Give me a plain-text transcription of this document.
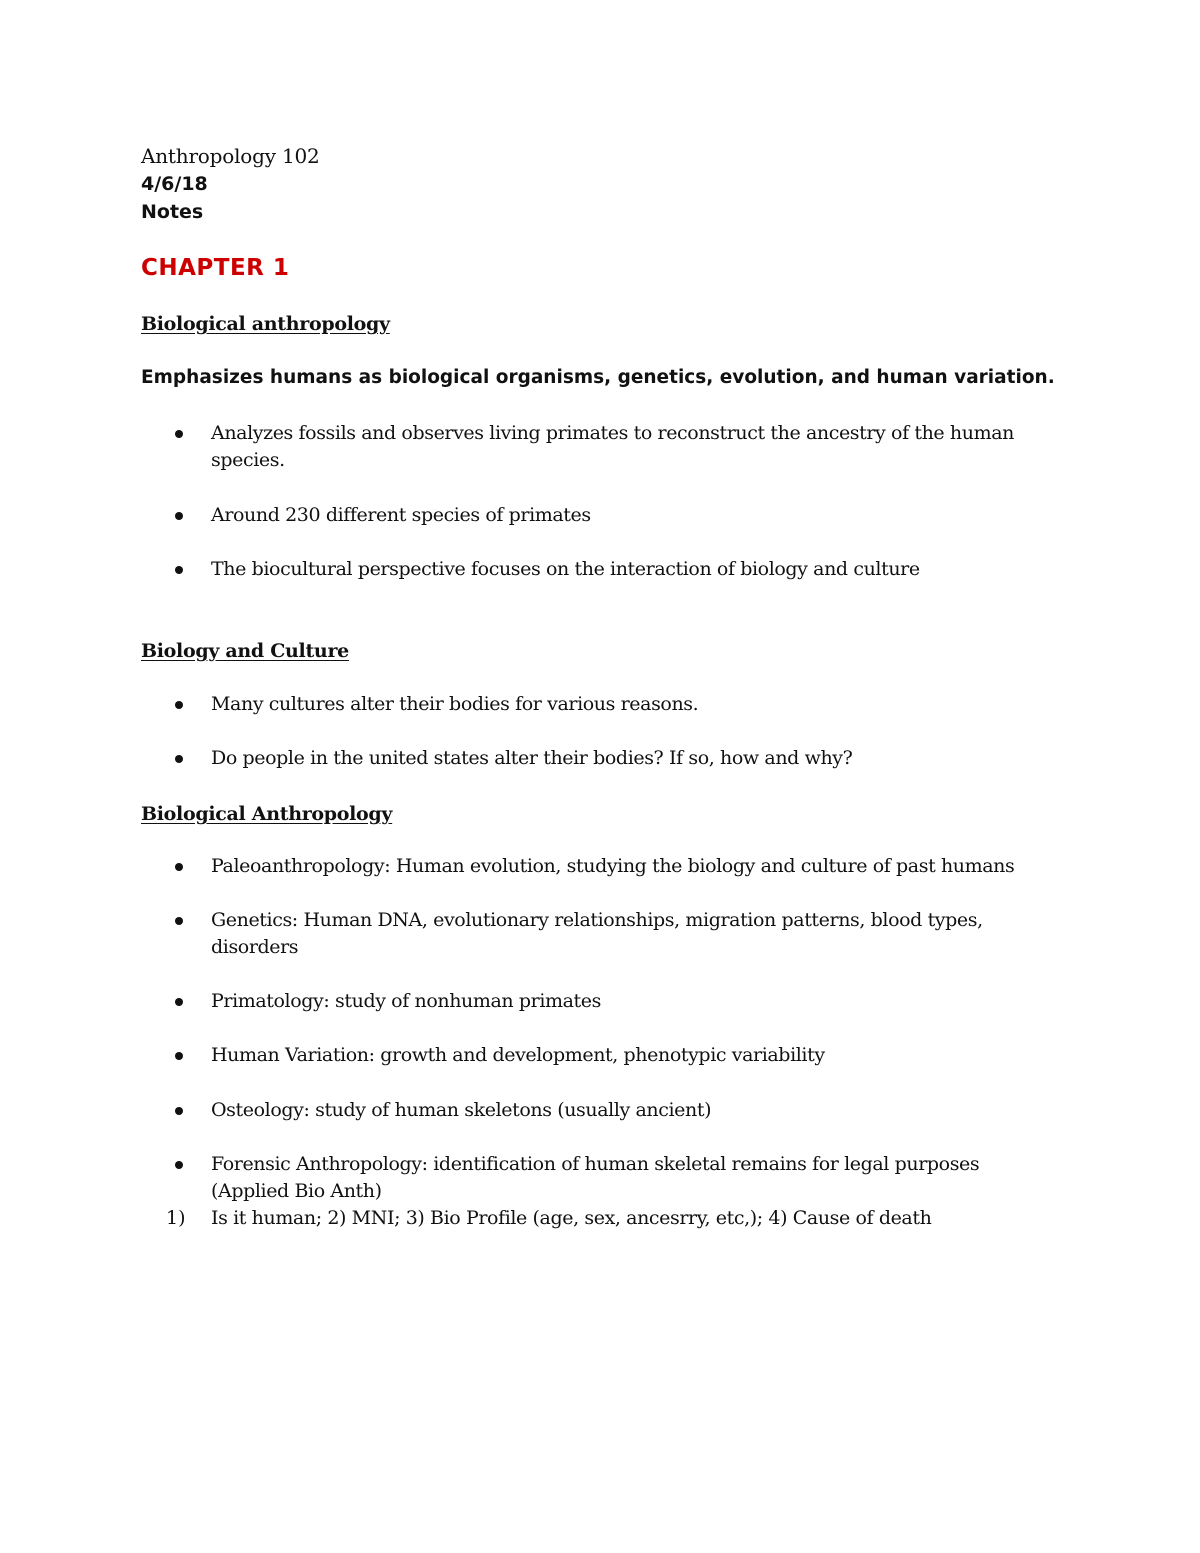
Anthropology 102
4/6/18
Notes
CHAPTER 1
Biological anthropology
Emphasizes humans as biological organisms, genetics, evolution, and human variation.
Analyzes fossils and observes living primates to reconstruct the ancestry of the human species.
Around 230 different species of primates
The biocultural perspective focuses on the interaction of biology and culture
Biology and Culture
Many cultures alter their bodies for various reasons.
Do people in the united states alter their bodies? If so, how and why?
Biological Anthropology
Paleoanthropology: Human evolution, studying the biology and culture of past humans
Genetics: Human DNA, evolutionary relationships, migration patterns, blood types, disorders
Primatology: study of nonhuman primates
Human Variation: growth and development, phenotypic variability
Osteology: study of human skeletons (usually ancient)
Forensic Anthropology: identification of human skeletal remains for legal purposes (Applied Bio Anth)
1) Is it human; 2) MNI; 3) Bio Profile (age, sex, ancesrry, etc,); 4) Cause of death
